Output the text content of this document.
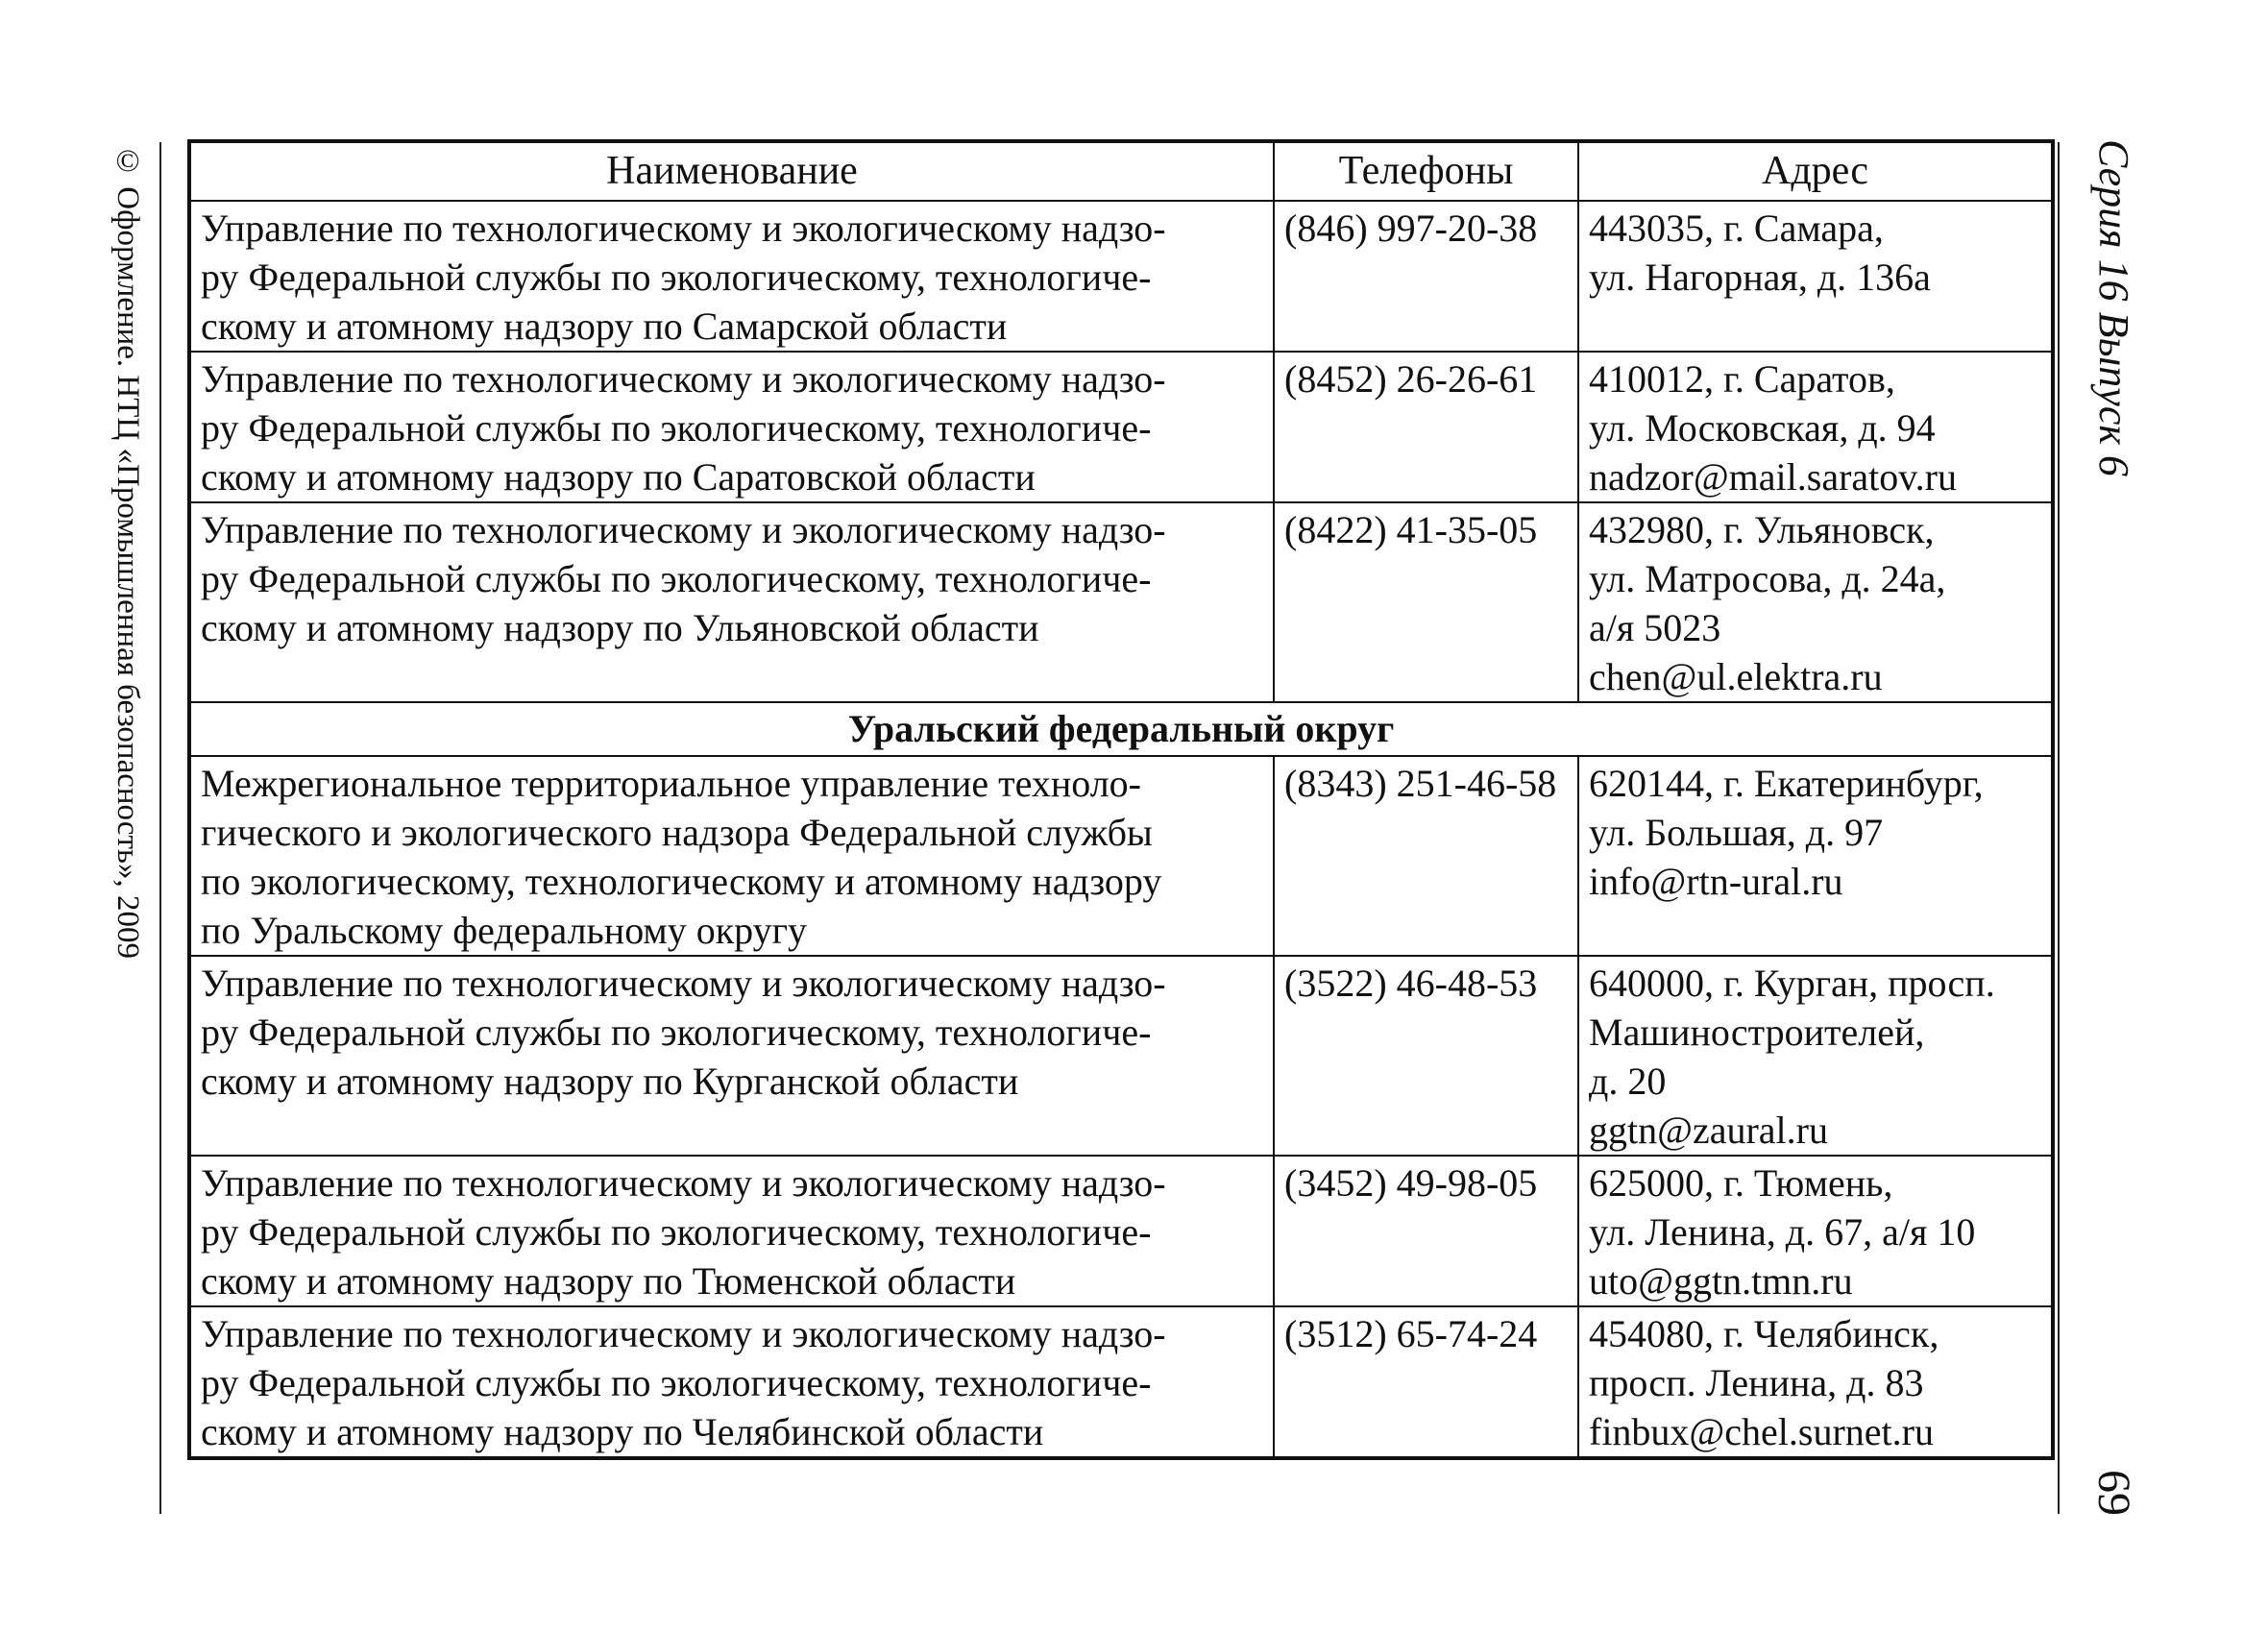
© Оформление. НТЦ «Промышленная безопасность», 2009	Серия 16 Выпуск 6
69
Наименование	Телефоны	Адрес

Управление по технологическому и экологическому надзо-
ру Федеральной службы по экологическому, технологиче-
скому и атомному надзору по Самарской области	(846) 997-20-38	443035, г. Самара,
ул. Нагорная, д. 136а

Управление по технологическому и экологическому надзо-
ру Федеральной службы по экологическому, технологиче-
скому и атомному надзору по Саратовской области	(8452) 26-26-61	410012, г. Саратов,
ул. Московская, д. 94
nadzor@mail.saratov.ru

Управление по технологическому и экологическому надзо-
ру Федеральной службы по экологическому, технологиче-
скому и атомному надзору по Ульяновской области	(8422) 41-35-05	432980, г. Ульяновск,
ул. Матросова, д. 24а,
а/я 5023
chen@ul.elektra.ru

Уральский федеральный округ		

Межрегиональное территориальное управление техноло-
гического и экологического надзора Федеральной службы
по экологическому, технологическому и атомному надзору
по Уральскому федеральному округу	(8343) 251-46-58	620144, г. Екатеринбург,
ул. Большая, д. 97
info@rtn-ural.ru

Управление по технологическому и экологическому надзо-
ру Федеральной службы по экологическому, технологиче-
скому и атомному надзору по Курганской области	(3522) 46-48-53	640000, г. Курган, просп.
Машиностроителей,
д. 20
ggtn@zaural.ru

Управление по технологическому и экологическому надзо-
ру Федеральной службы по экологическому, технологиче-
скому и атомному надзору по Тюменской области	(3452) 49-98-05	625000, г. Тюмень,
ул. Ленина, д. 67, а/я 10
uto@ggtn.tmn.ru

Управление по технологическому и экологическому надзо-
ру Федеральной службы по экологическому, технологиче-
скому и атомному надзору по Челябинской области	(3512) 65-74-24	454080, г. Челябинск,
просп. Ленина, д. 83
finbux@chel.surnet.ru
